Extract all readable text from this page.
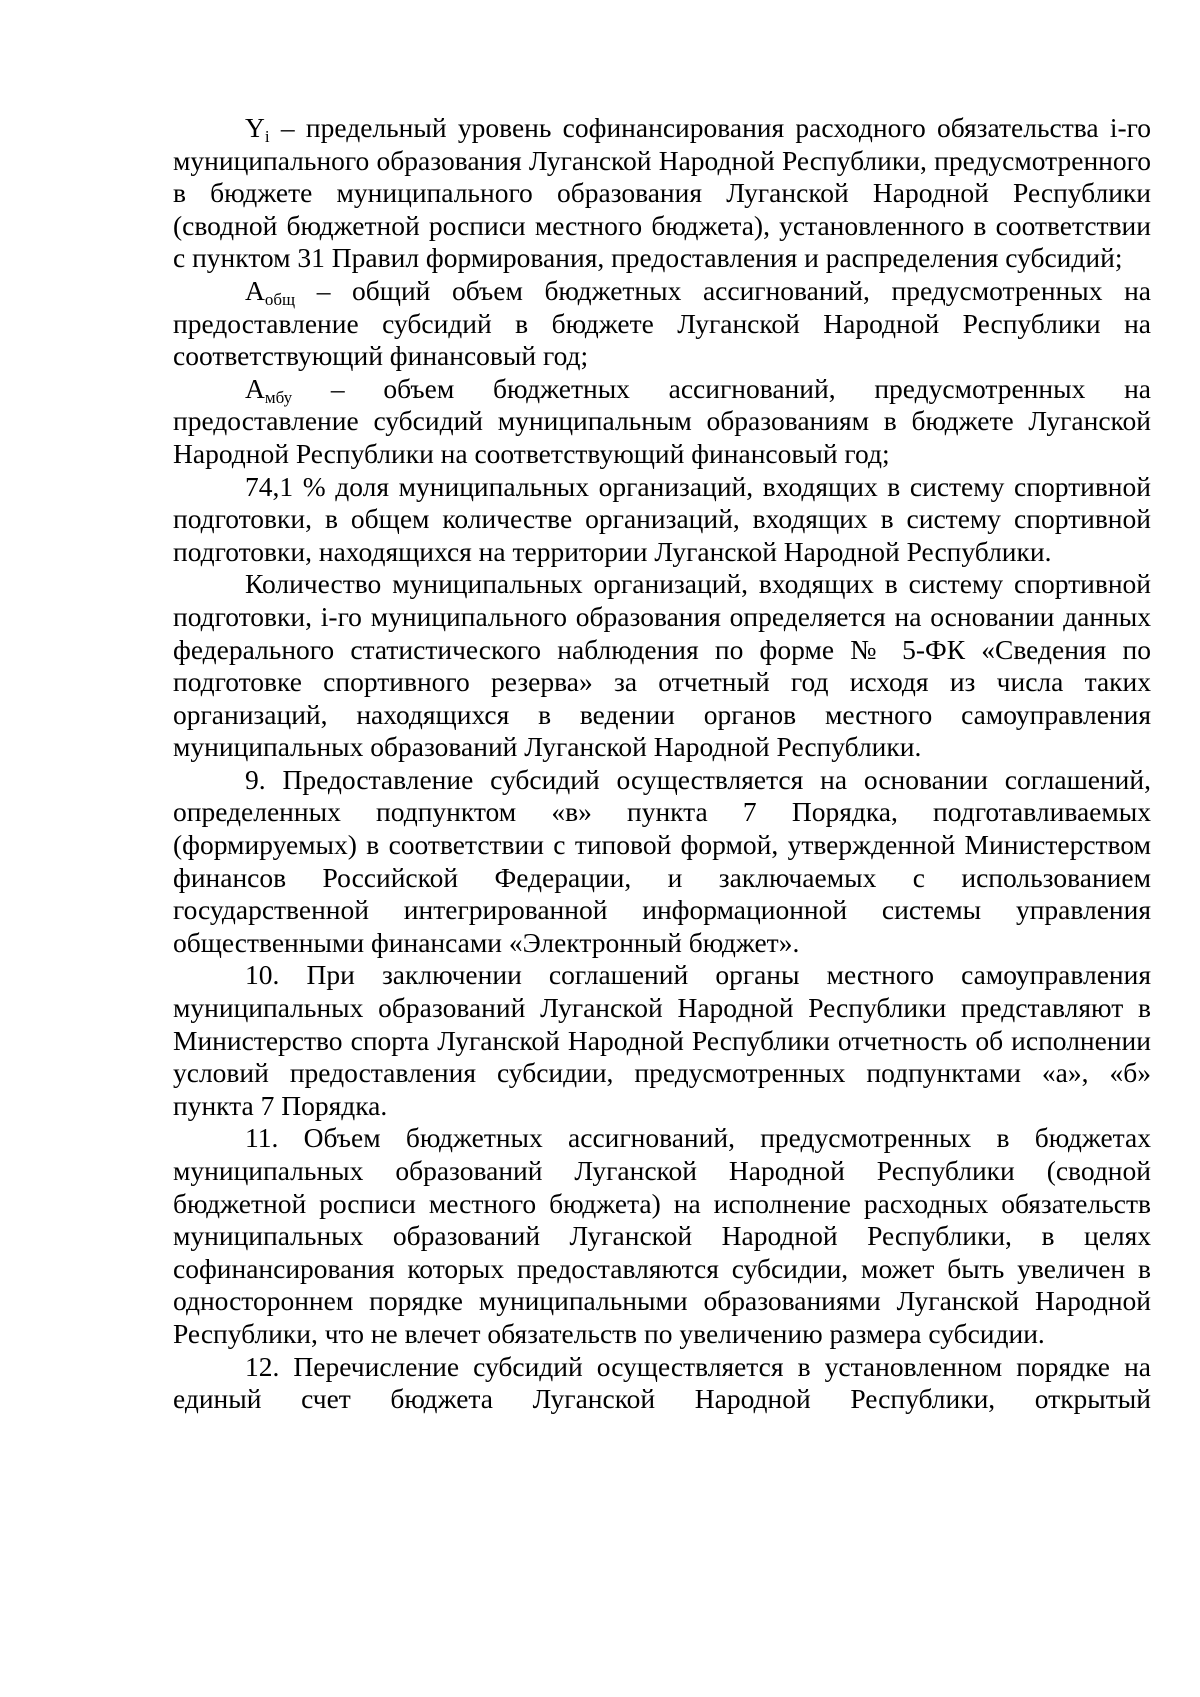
$Y_i$ – предельный уровень софинансирования расходного обязательства i-го муниципального образования Луганской Народной Республики, предусмотренного в бюджете муниципального образования Луганской Народной Республики (сводной бюджетной росписи местного бюджета), установленного в соответствии с пунктом 31 Правил формирования, предоставления и распределения субсидий;

$A_{общ}$ – общий объем бюджетных ассигнований, предусмотренных на предоставление субсидий в бюджете Луганской Народной Республики на соответствующий финансовый год;

$A_{мбу}$ – объем бюджетных ассигнований, предусмотренных на предоставление субсидий муниципальным образованиям в бюджете Луганской Народной Республики на соответствующий финансовый год;

74,1 % доля муниципальных организаций, входящих в систему спортивной подготовки, в общем количестве организаций, входящих в систему спортивной подготовки, находящихся на территории Луганской Народной Республики.

Количество муниципальных организаций, входящих в систему спортивной подготовки, i-го муниципального образования определяется на основании данных федерального статистического наблюдения по форме № 5-ФК «Сведения по подготовке спортивного резерва» за отчетный год исходя из числа таких организаций, находящихся в ведении органов местного самоуправления муниципальных образований Луганской Народной Республики.

9. Предоставление субсидий осуществляется на основании соглашений, определенных подпунктом «в» пункта 7 Порядка, подготавливаемых (формируемых) в соответствии с типовой формой, утвержденной Министерством финансов Российской Федерации, и заключаемых с использованием государственной интегрированной информационной системы управления общественными финансами «Электронный бюджет».

10. При заключении соглашений органы местного самоуправления муниципальных образований Луганской Народной Республики представляют в Министерство спорта Луганской Народной Республики отчетность об исполнении условий предоставления субсидии, предусмотренных подпунктами «а», «б» пункта 7 Порядка.

11. Объем бюджетных ассигнований, предусмотренных в бюджетах муниципальных образований Луганской Народной Республики (сводной бюджетной росписи местного бюджета) на исполнение расходных обязательств муниципальных образований Луганской Народной Республики, в целях софинансирования которых предоставляются субсидии, может быть увеличен в одностороннем порядке муниципальными образованиями Луганской Народной Республики, что не влечет обязательств по увеличению размера субсидии.

12. Перечисление субсидий осуществляется в установленном порядке на единый счет бюджета Луганской Народной Республики, открытый
